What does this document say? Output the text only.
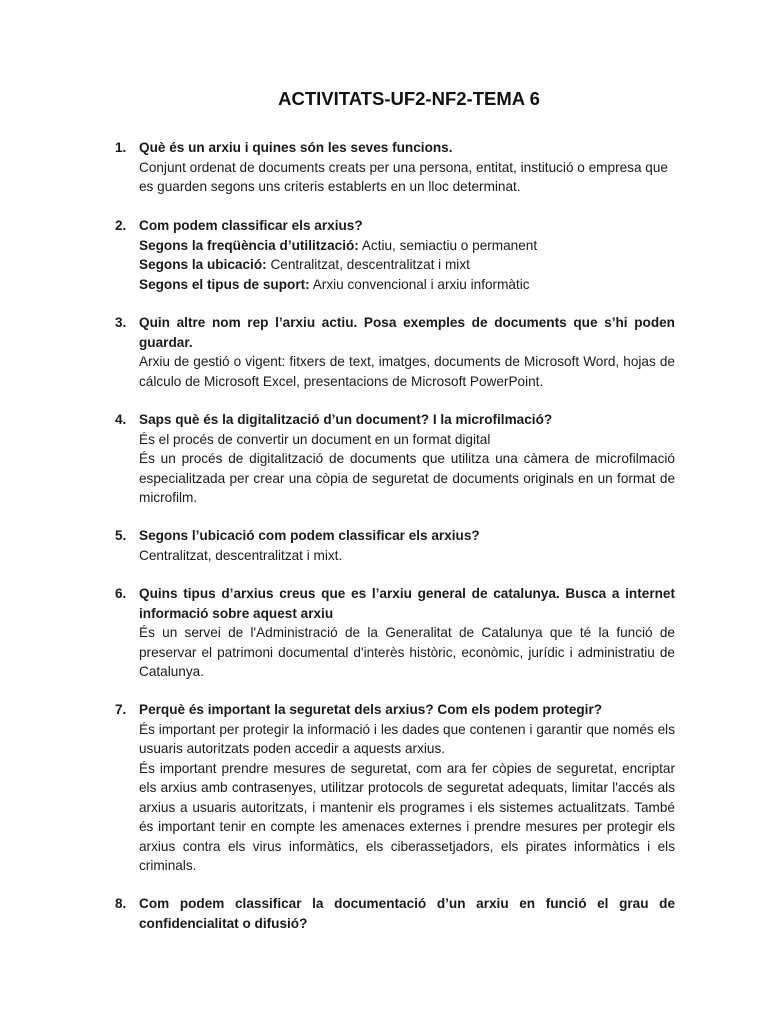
ACTIVITATS-UF2-NF2-TEMA 6
1. Què és un arxiu i quines són les seves funcions.

Conjunt ordenat de documents creats per una persona, entitat, institució o empresa que es guarden segons uns criteris establerts en un lloc determinat.

2. Com podem classificar els arxius?

Segons la freqüència d’utilització: Actiu, semiactiu o permanent

Segons la ubicació: Centralitzat, descentralitzat i mixt

Segons el tipus de suport: Arxiu convencional i arxiu informàtic

3. Quin altre nom rep l’arxiu actiu. Posa exemples de documents que s’hi poden guardar.

Arxiu de gestió o vigent: fitxers de text, imatges, documents de Microsoft Word, hojas de cálculo de Microsoft Excel, presentacions de Microsoft PowerPoint.

4. Saps què és la digitalització d’un document? I la microfilmació?

És el procés de convertir un document en un format digital

És un procés de digitalització de documents que utilitza una càmera de microfilmació especialitzada per crear una còpia de seguretat de documents originals en un format de microfilm.

5. Segons l’ubicació com podem classificar els arxius?

Centralitzat, descentralitzat i mixt.

6. Quins tipus d’arxius creus que es l’arxiu general de catalunya. Busca a internet informació sobre aquest arxiu

És un servei de l'Administració de la Generalitat de Catalunya que té la funció de preservar el patrimoni documental d'interès històric, econòmic, jurídic i administratiu de Catalunya.

7. Perquè és important la seguretat dels arxius? Com els podem protegir?

És important per protegir la informació i les dades que contenen i garantir que només els usuaris autoritzats poden accedir a aquests arxius.

És important prendre mesures de seguretat, com ara fer còpies de seguretat, encriptar els arxius amb contrasenyes, utilitzar protocols de seguretat adequats, limitar l'accés als arxius a usuaris autoritzats, i mantenir els programes i els sistemes actualitzats. També és important tenir en compte les amenaces externes i prendre mesures per protegir els arxius contra els virus informàtics, els ciberassetjadors, els pirates informàtics i els criminals.

8. Com podem classificar la documentació d’un arxiu en funció el grau de confidencialitat o difusió?
